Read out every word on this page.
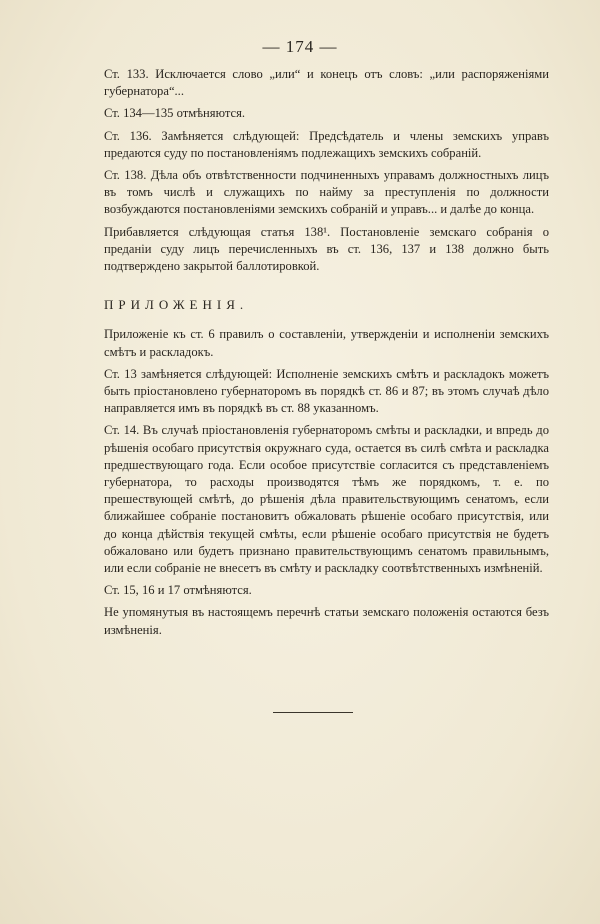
— 174 —

Ст. 133. Исключается слово „или“ и конецъ отъ словъ: „или распоряженіями губернатора“...

Ст. 134—135 отмѣняются.

Ст. 136. Замѣняется слѣдующей: Предсѣдатель и члены земскихъ управъ предаются суду по постановленіямъ подлежащихъ земскихъ собраній.

Ст. 138. Дѣла объ отвѣтственности подчиненныхъ управамъ должностныхъ лицъ въ томъ числѣ и служащихъ по найму за преступленія по должности возбуждаются постановленіями земскихъ собраній и управъ... и далѣе до конца.

Прибавляется слѣдующая статья 138¹. Постановленіе земскаго собранія о преданіи суду лицъ перечисленныхъ въ ст. 136, 137 и 138 должно быть подтверждено закрытой баллотировкой.

ПРИЛОЖЕНІЯ.

Приложеніе къ ст. 6 правилъ о составленіи, утвержденіи и исполненіи земскихъ смѣтъ и раскладокъ.

Ст. 13 замѣняется слѣдующей: Исполненіе земскихъ смѣтъ и раскладокъ можетъ быть пріостановлено губернаторомъ въ порядкѣ ст. 86 и 87; въ этомъ случаѣ дѣло направляется имъ въ порядкѣ въ ст. 88 указанномъ.

Ст. 14. Въ случаѣ пріостановленія губернаторомъ смѣты и раскладки, и впредь до рѣшенія особаго присутствія окружнаго суда, остается въ силѣ смѣта и раскладка предшествующаго года. Если особое присутствіе согласится съ представленіемъ губернатора, то расходы производятся тѣмъ же порядкомъ, т. е. по прешествующей смѣтѣ, до рѣшенія дѣла правительствующимъ сенатомъ, если ближайшее собраніе постановитъ обжаловать рѣшеніе особаго присутствія, или до конца дѣйствія текущей смѣты, если рѣшеніе особаго присутствія не будетъ обжаловано или будетъ признано правительствующимъ сенатомъ правильнымъ, или если собраніе не внесетъ въ смѣту и раскладку соотвѣтственныхъ измѣненій.

Ст. 15, 16 и 17 отмѣняются.

Не упомянутыя въ настоящемъ перечнѣ статьи земскаго положенія остаются безъ измѣненія.
